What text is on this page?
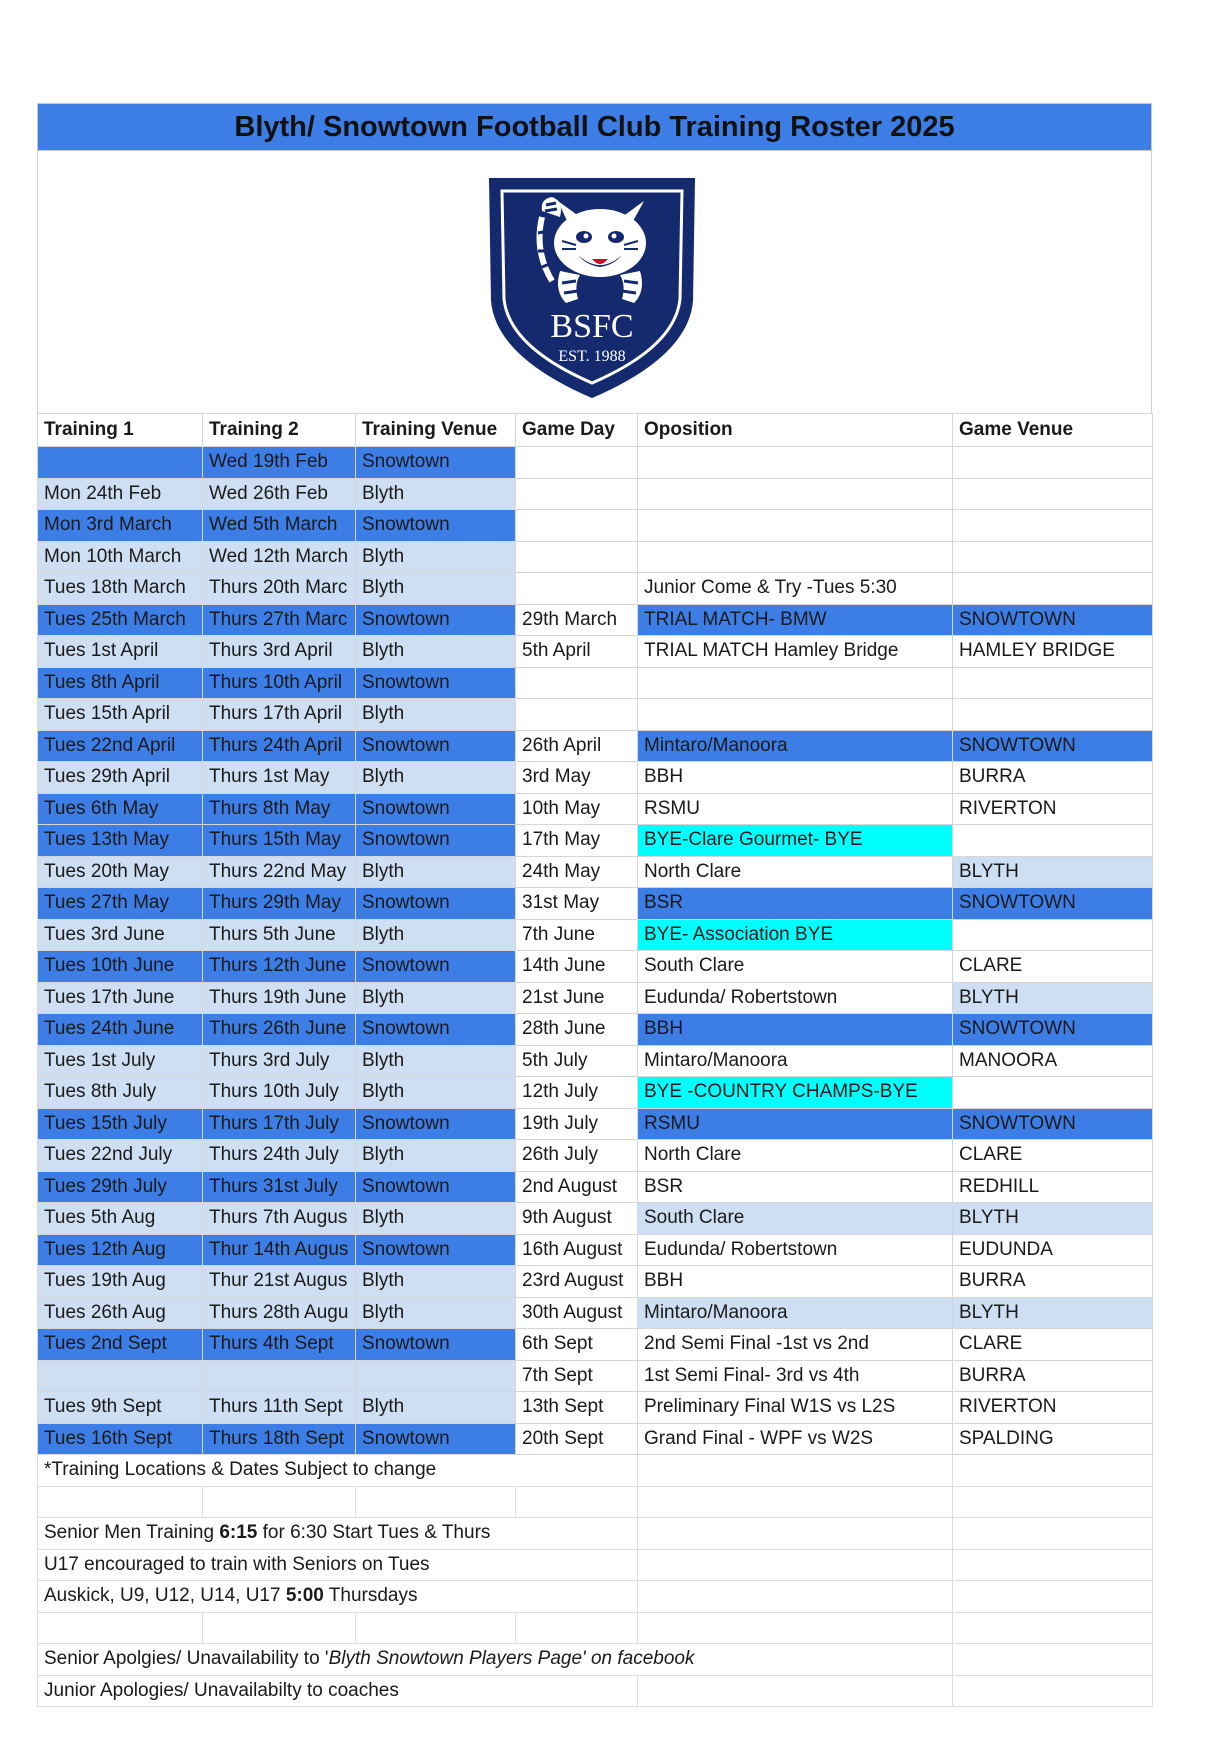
Blyth/ Snowtown Football Club Training Roster 2025
BSFC
EST. 1988
Training 1	Training 2	Training Venue	Game Day	Oposition	Game Venue
	Wed 19th Feb	Snowtown			
Mon 24th Feb	Wed 26th Feb	Blyth			
Mon 3rd March	Wed 5th March	Snowtown			
Mon 10th March	Wed 12th March	Blyth			
Tues 18th March	Thurs 20th Marc	Blyth		Junior Come & Try -Tues 5:30	
Tues 25th March	Thurs 27th Marc	Snowtown	29th March	TRIAL MATCH- BMW	SNOWTOWN
Tues 1st April	Thurs 3rd April	Blyth	5th April	TRIAL MATCH Hamley Bridge	HAMLEY BRIDGE
Tues 8th April	Thurs 10th April	Snowtown			
Tues 15th April	Thurs 17th April	Blyth			
Tues 22nd April	Thurs 24th April	Snowtown	26th April	Mintaro/Manoora	SNOWTOWN
Tues 29th April	Thurs 1st May	Blyth	3rd May	BBH	BURRA
Tues 6th May	Thurs 8th May	Snowtown	10th May	RSMU	RIVERTON
Tues 13th May	Thurs 15th May	Snowtown	17th May	BYE-Clare Gourmet- BYE	
Tues 20th May	Thurs 22nd May	Blyth	24th May	North Clare	BLYTH
Tues 27th May	Thurs 29th May	Snowtown	31st May	BSR	SNOWTOWN
Tues 3rd June	Thurs 5th June	Blyth	7th June	BYE- Association BYE	
Tues 10th June	Thurs 12th June	Snowtown	14th June	South Clare	CLARE
Tues 17th June	Thurs 19th June	Blyth	21st June	Eudunda/ Robertstown	BLYTH
Tues 24th June	Thurs 26th June	Snowtown	28th June	BBH	SNOWTOWN
Tues 1st July	Thurs 3rd July	Blyth	5th July	Mintaro/Manoora	MANOORA
Tues 8th July	Thurs 10th July	Blyth	12th July	BYE -COUNTRY CHAMPS-BYE	
Tues 15th July	Thurs 17th July	Snowtown	19th July	RSMU	SNOWTOWN
Tues 22nd July	Thurs 24th July	Blyth	26th July	North Clare	CLARE
Tues 29th July	Thurs 31st July	Snowtown	2nd August	BSR	REDHILL
Tues 5th Aug	Thurs 7th Augus	Blyth	9th August	South Clare	BLYTH
Tues 12th Aug	Thur 14th Augus	Snowtown	16th August	Eudunda/ Robertstown	EUDUNDA
Tues 19th Aug	Thur 21st Augus	Blyth	23rd August	BBH	BURRA
Tues 26th Aug	Thurs 28th Augu	Blyth	30th August	Mintaro/Manoora	BLYTH
Tues 2nd Sept	Thurs 4th Sept	Snowtown	6th Sept	2nd Semi Final -1st vs 2nd	CLARE
			7th Sept	1st Semi Final- 3rd vs 4th	BURRA
Tues 9th Sept	Thurs 11th Sept	Blyth	13th Sept	Preliminary Final W1S vs L2S	RIVERTON
Tues 16th Sept	Thurs 18th Sept	Snowtown	20th Sept	Grand Final - WPF vs W2S	SPALDING
*Training Locations & Dates Subject to change					

Senior Men Training 6:15 for 6:30 Start Tues & Thurs					
U17 encouraged to train with Seniors on Tues					
Auskick, U9, U12, U14, U17 5:00 Thursdays					

Senior Apolgies/ Unavailability to 'Blyth Snowtown Players Page' on facebook					
Junior Apologies/ Unavailabilty to coaches					
